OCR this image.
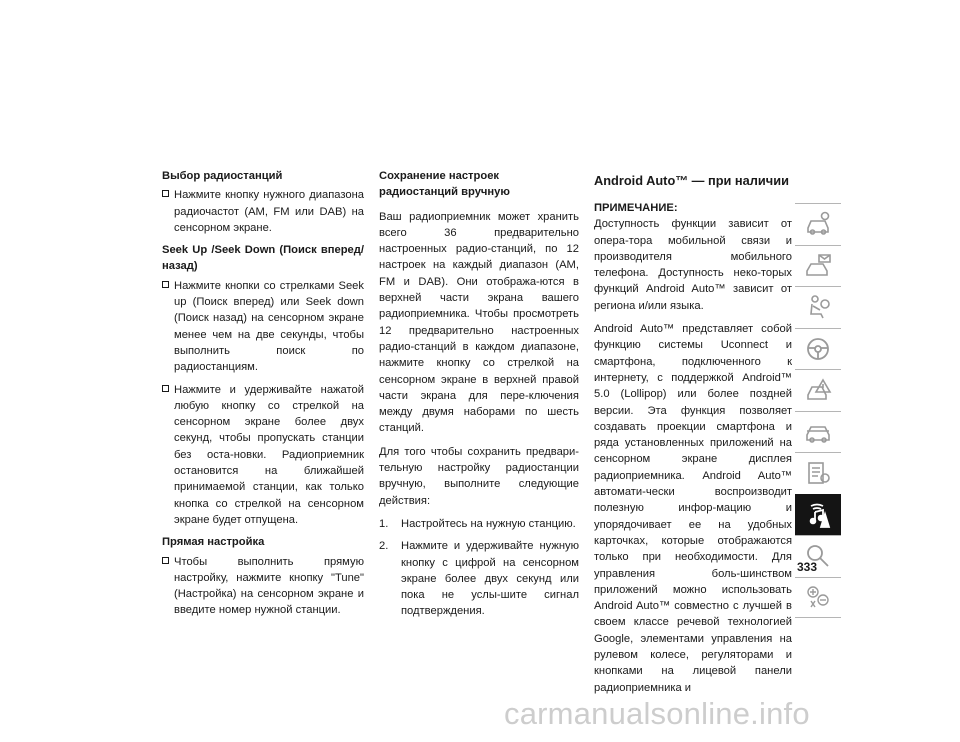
Выбор радиостанций
Нажмите кнопку нужного диапазона радиочастот (AM, FM или DAB) на сенсорном экране.
Seek Up /Seek Down (Поиск вперед/назад)
Нажмите кнопки со стрелками Seek up (Поиск вперед) или Seek down (Поиск назад) на сенсорном экране менее чем на две секунды, чтобы выполнить поиск по радиостанциям.
Нажмите и удерживайте нажатой любую кнопку со стрелкой на сенсорном экране более двух секунд, чтобы пропускать станции без оста-новки. Радиоприемник остановится на ближайшей принимаемой станции, как только кнопка со стрелкой на сенсорном экране будет отпущена.
Прямая настройка
Чтобы выполнить прямую настройку, нажмите кнопку "Tune" (Настройка) на сенсорном экране и введите номер нужной станции.
Сохранение настроек радиостанций вручную
Ваш радиоприемник может хранить всего 36 предварительно настроенных радио-станций, по 12 настроек на каждый диапазон (AM, FM и DAB). Они отобража-ются в верхней части экрана вашего радиоприемника. Чтобы просмотреть 12 предварительно настроенных радио-станций в каждом диапазоне, нажмите кнопку со стрелкой на сенсорном экране в верхней правой части экрана для пере-ключения между двумя наборами по шесть станций.
Для того чтобы сохранить предвари-тельную настройку радиостанции вручную, выполните следующие действия:
1. Настройтесь на нужную станцию.
2. Нажмите и удерживайте нужную кнопку с цифрой на сенсорном экране более двух секунд или пока не услы-шите сигнал подтверждения.
Android Auto™ — при наличии
ПРИМЕЧАНИЕ:
Доступность функции зависит от опера-тора мобильной связи и производителя мобильного телефона. Доступность неко-торых функций Android Auto™ зависит от региона и/или языка.
Android Auto™ представляет собой функцию системы Uconnect и смартфона, подключенного к интернету, с поддержкой Android™ 5.0 (Lollipop) или более поздней версии. Эта функция позволяет создавать проекции смартфона и ряда установленных приложений на сенсорном экране дисплея радиоприемника. Android Auto™ автомати-чески воспроизводит полезную инфор-мацию и упорядочивает ее на удобных карточках, которые отображаются только при необходимости. Для управления боль-шинством приложений можно использовать Android Auto™ совместно с лучшей в своем классе речевой технологией Google, элементами управления на рулевом колесе, регуляторами и кнопками на лицевой панели радиоприемника и
333
carmanualsonline.info
